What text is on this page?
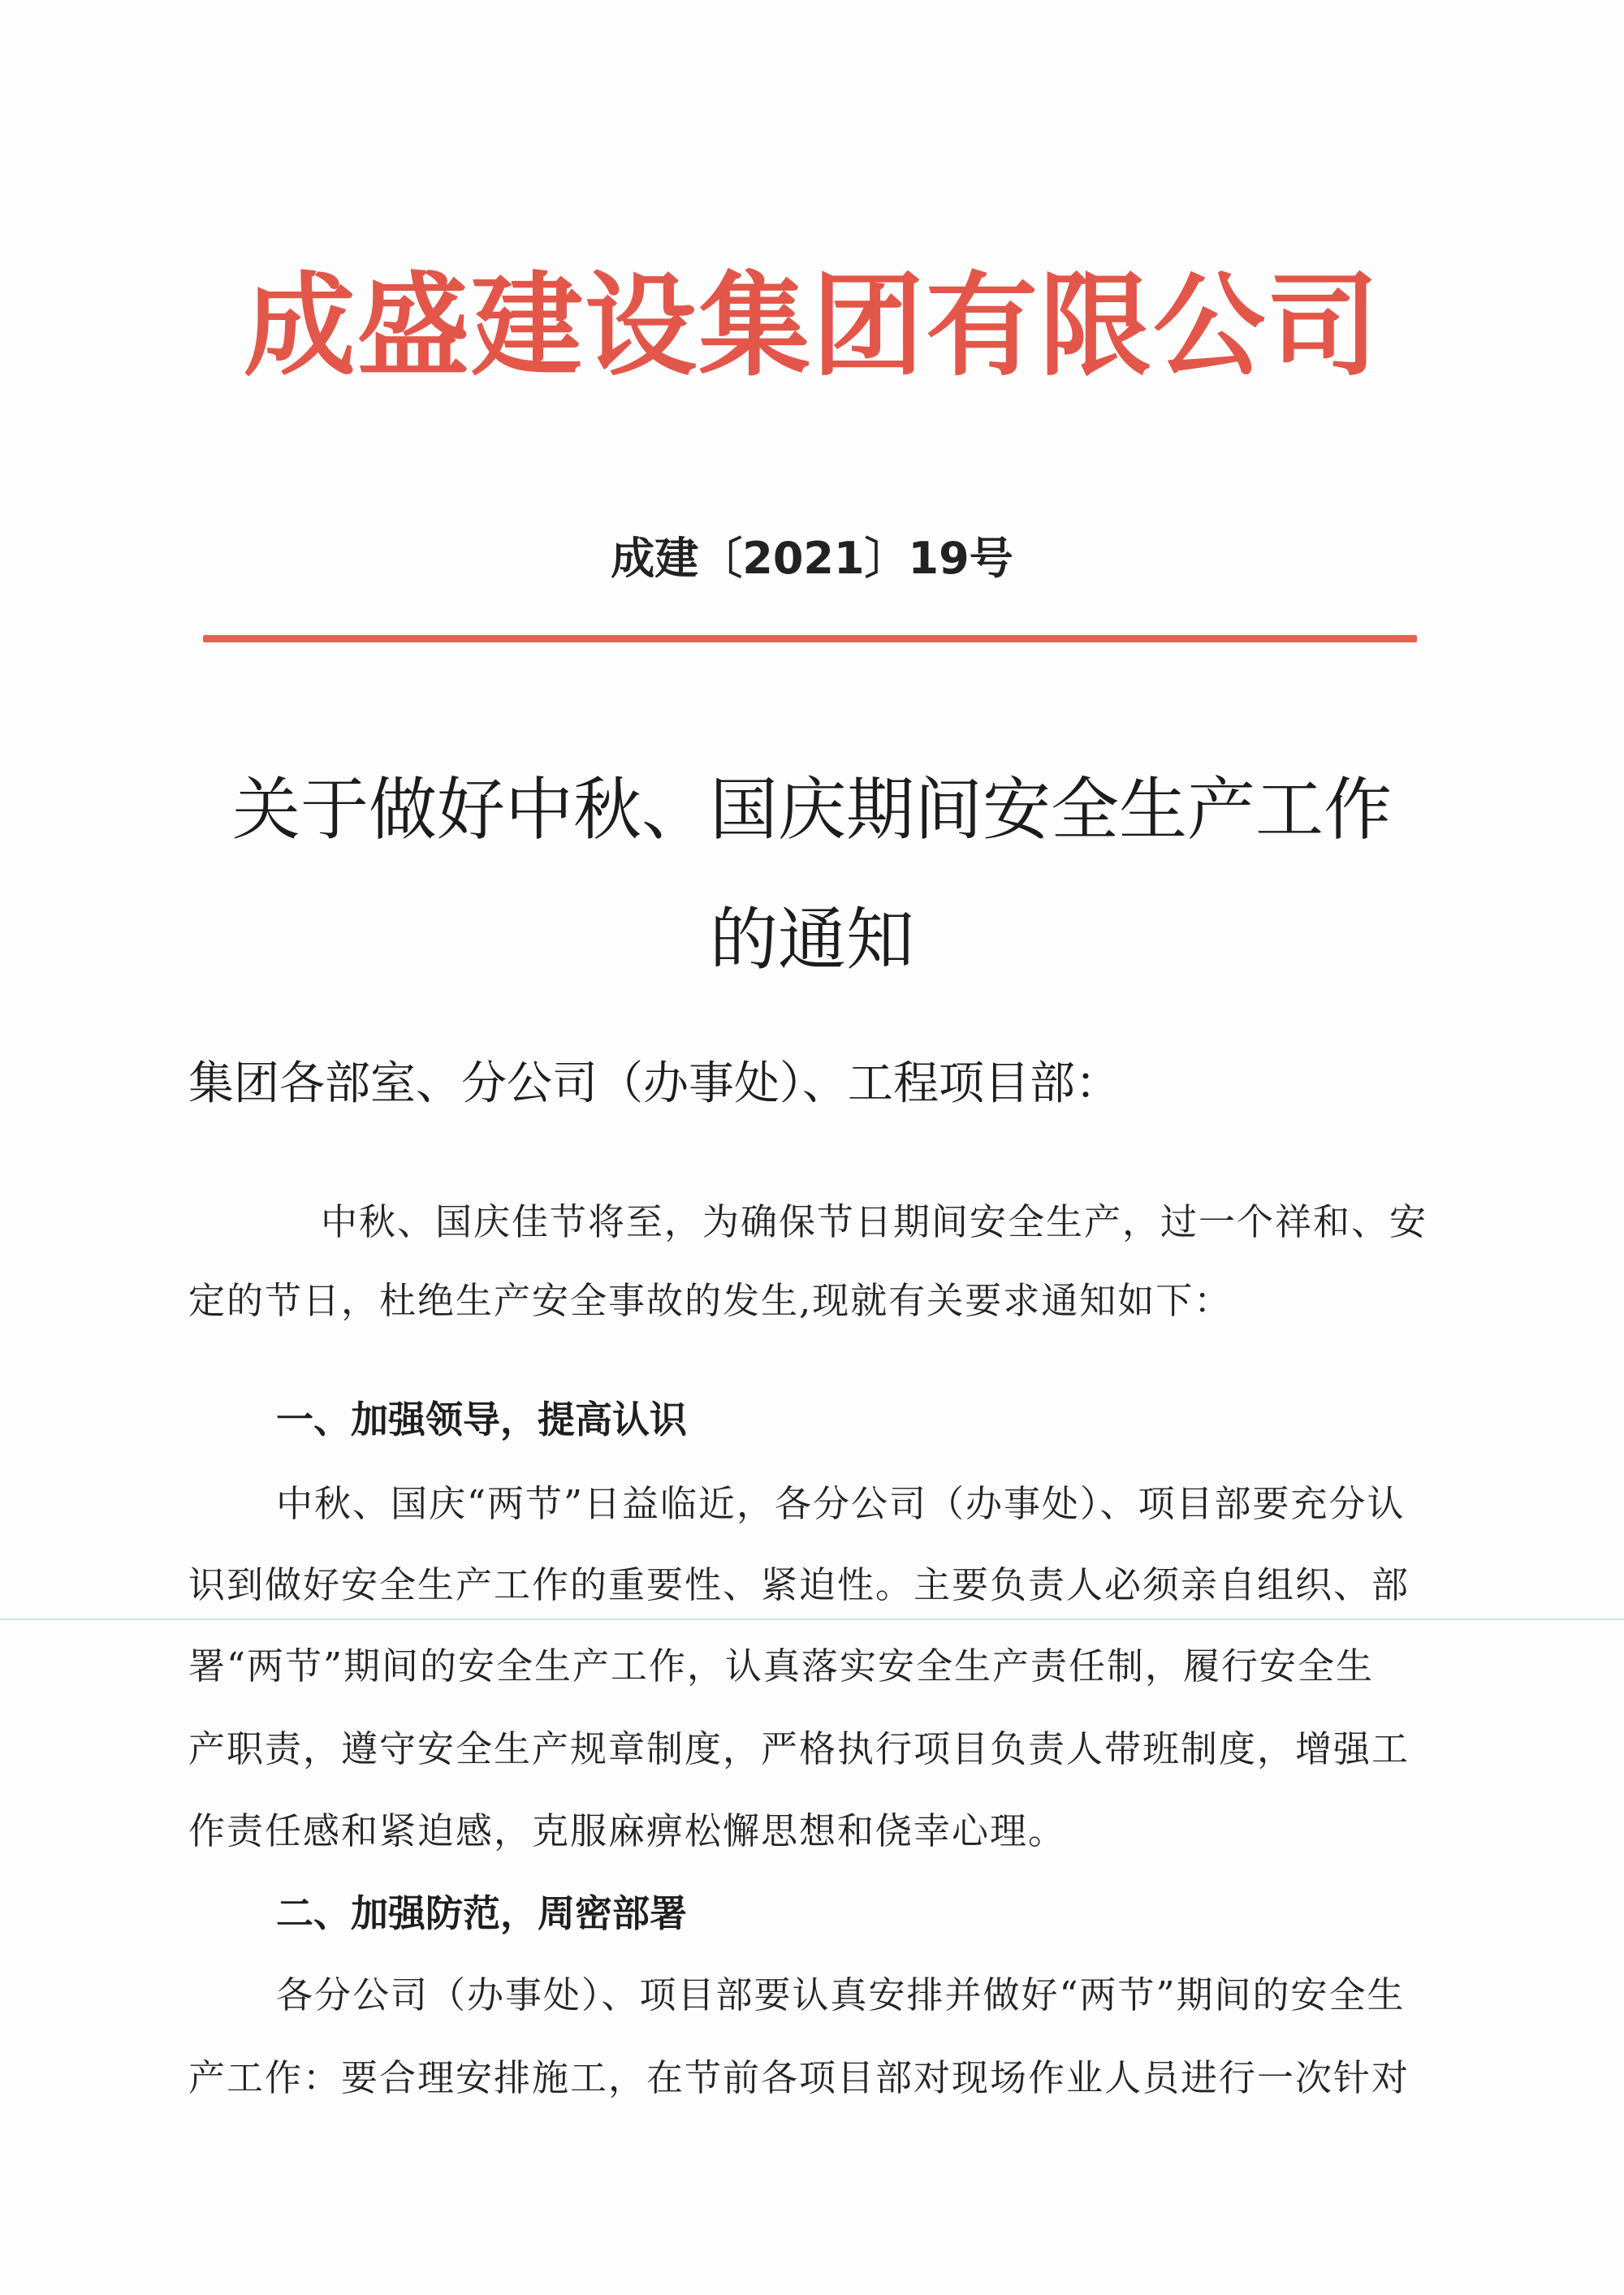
成盛建设集团有限公司
成建〔2021〕19号
关于做好中秋、国庆期间安全生产工作
的通知
集团各部室、分公司（办事处）、工程项目部：
中秋、国庆佳节将至，为确保节日期间安全生产，过一个祥和、安
定的节日，杜绝生产安全事故的发生,现就有关要求通知如下：
一、加强领导，提高认识
中秋、国庆“两节”日益临近，各分公司（办事处）、项目部要充分认
识到做好安全生产工作的重要性、紧迫性。主要负责人必须亲自组织、部
署“两节”期间的安全生产工作，认真落实安全生产责任制，履行安全生
产职责，遵守安全生产规章制度，严格执行项目负责人带班制度，增强工
作责任感和紧迫感，克服麻痹松懈思想和侥幸心理。
二、加强防范，周密部署
各分公司（办事处）、项目部要认真安排并做好“两节”期间的安全生
产工作：要合理安排施工，在节前各项目部对现场作业人员进行一次针对
